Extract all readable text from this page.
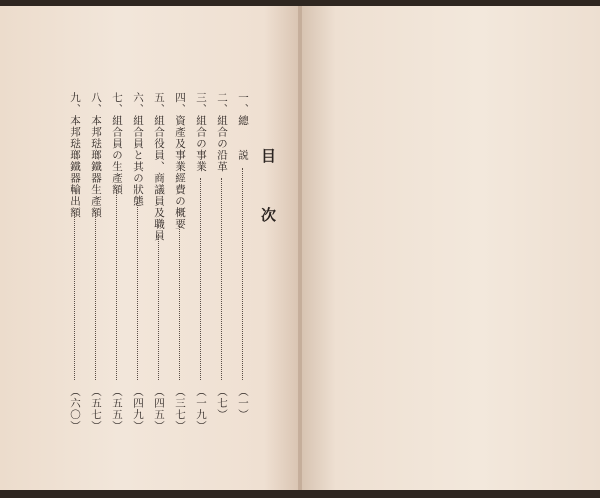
目次
一、總　　説
（一）
二、組合の沿革
（七）
三、組合の事業
（一九）
四、資產及事業經費の概要
（三七）
五、組合役員、商議員及職員
（四五）
六、組合員と其の狀態
（四九）
七、組合員の生產額
（五五）
八、本邦琺瑯鐵器生產額
（五七）
九、本邦琺瑯鐵器輸出額
（六〇）
